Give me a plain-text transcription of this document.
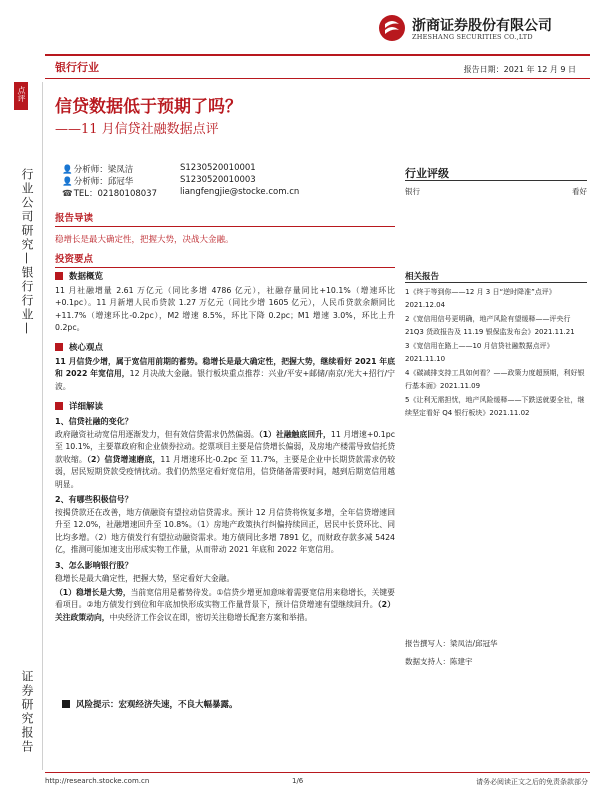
浙商证券股份有限公司
ZHESHANG SECURITIES CO.,LTD
银行行业	报告日期：2021 年 12 月 9 日
点评
行业公司研究—银行行业—
证券研究报告
信贷数据低于预期了吗？
——11 月信贷社融数据点评
👤 分析师：梁凤洁	S1230520010001
👤 分析师：邱冠华	S1230520010003
☎ TEL：02180108037	liangfengjie@stocke.com.cn
行业评级
银行	看好
相关报告
1《终于等到你——12 月 3 日“逆时降准”点评》2021.12.04
2《宽信用信号更明确，地产风险有望缓释——评央行21Q3 货政报告及 11.19 银保监发布会》2021.11.21
3《宽信用在路上——10 月信贷社融数据点评》2021.11.10
4《碳减排支持工具如何看？——政策力度超预期，利好银行基本面》2021.11.09
5《让利无需担忧，地产风险缓释——下跌送就要全社，继续坚定看好 Q4 银行板块》2021.11.02
报告撰写人：梁凤洁/邱冠华
数据支持人：陈建宇
报告导读
稳增长是最大确定性，把握大势，决战大金融。
投资要点
数据概览
11 月社融增量 2.61 万亿元（同比多增 4786 亿元），社融存量同比+10.1%（增速环比+0.1pc）。11 月新增人民币贷款 1.27 万亿元（同比少增 1605 亿元），人民币贷款余额同比+11.7%（增速环比-0.2pc），M2 增速 8.5%，环比下降 0.2pc；M1 增速 3.0%，环比上升 0.2pc。
核心观点
11 月信贷少增，属于宽信用前期的蓄势。稳增长是最大确定性，把握大势，继续看好 2021 年底和 2022 年宽信用，12 月决战大金融。银行板块重点推荐：兴业/平安+邮储/南京/光大+招行/宁波。
详细解读
1、信贷社融的变化？
政府融资社动宽信用逐渐发力，但有效信贷需求仍然偏弱。（1）社融触底回升，11 月增速+0.1pc 至 10.1%，主要靠政府和企业债券拉动。挖票项目主要是信贷增长偏弱，及房地产楼需导致信托贷款收缩。（2）信贷增速磨底，11 月增速环比-0.2pc 至 11.7%，主要是企业中长期贷款需求仍较弱，居民短期贷款受疫情扰动。我们仍然坚定看好宽信用，信贷储备需要时间，越到后期宽信用越明显。
2、有哪些积极信号？
按揭贷款还在改善，地方债融资有望拉动信贷需求。预计 12 月信贷将恢复多增，全年信贷增速回升至 12.0%，社融增速回升至 10.8%。（1）房地产政策执行纠偏持续回正，居民中长贷环比、同比均多增。（2）地方债发行有望拉动融资需求。地方债同比多增 7891 亿，而财政存款多减 5424 亿，推测可能加速支出形成实物工作量，从而带动 2021 年底和 2022 年宽信用。
3、怎么影响银行股？
稳增长是最大确定性，把握大势，坚定看好大金融。
（1）稳增长是大势，当前宽信用是蓄势待发。①信贷少增更加意味着需要宽信用来稳增长，关键要看项目。②地方债发行到位和年底加快形成实物工作量背景下，预计信贷增速有望继续回升。（2）关注政策动向，中央经济工作会议在即，密切关注稳增长配套方案和举措。
风险提示：宏观经济失速，不良大幅暴露。
http://research.stocke.com.cn	1/6	请务必阅读正文之后的免责条款部分
